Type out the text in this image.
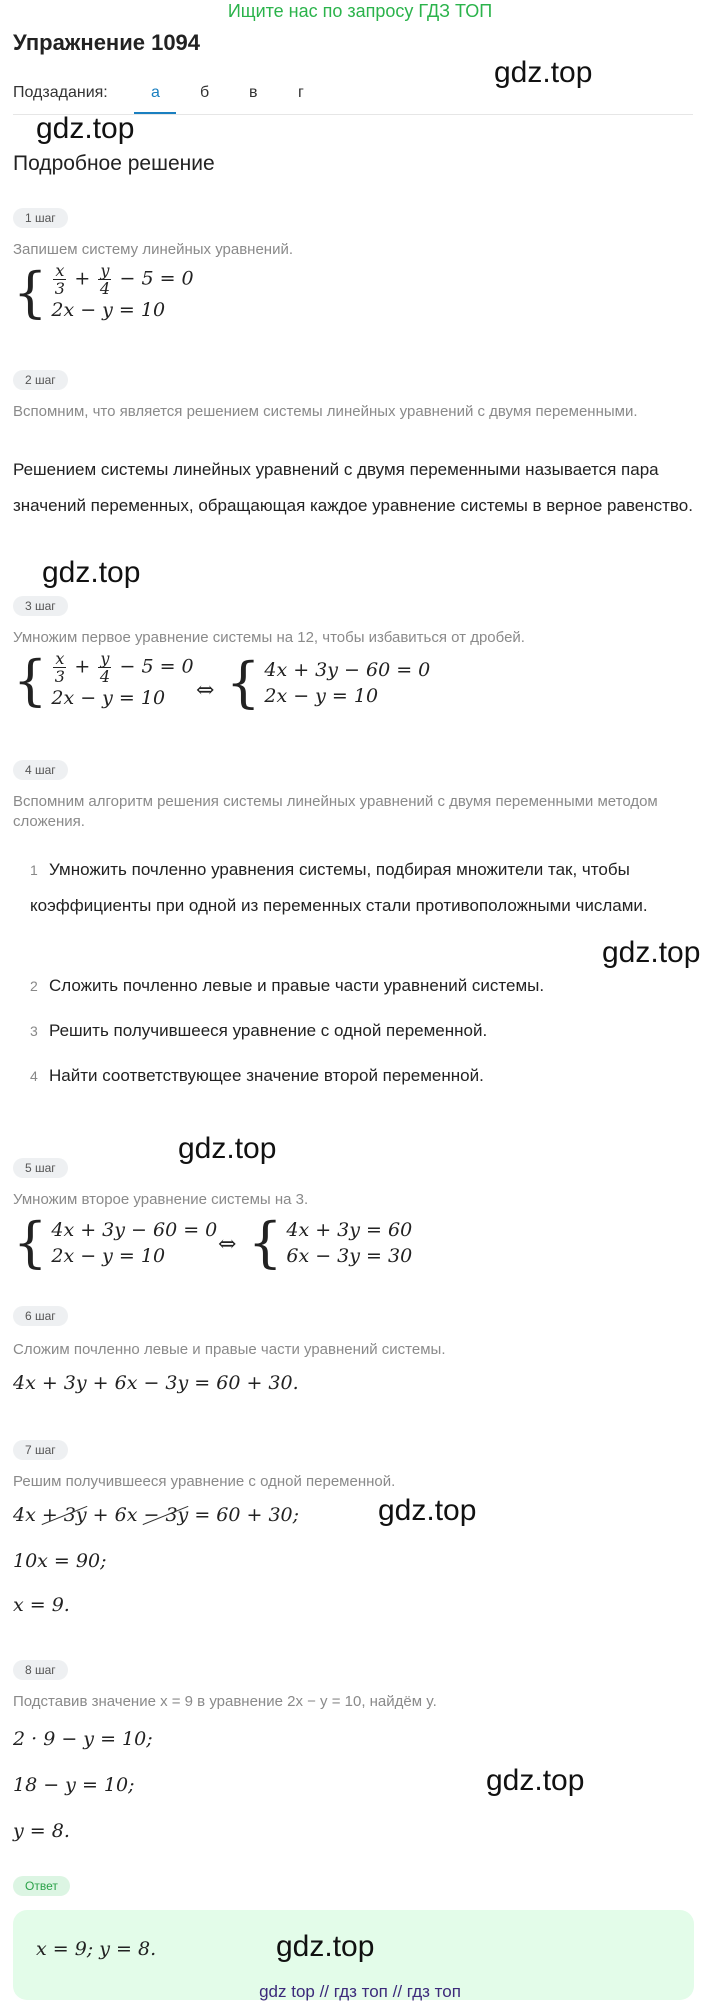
Ищите нас по запросу ГДЗ ТОП
Упражнение 1094
gdz.top
Подзадания:	а	б в	г
gdz.top
Подробное решение
1 шаг
Запишем систему линейных уравнений.
{ $\frac{x}{3} + \frac{y}{4} - 5 = 0$
2x − y = 10
2 шаг
Вспомним, что является решением системы линейных уравнений с двумя переменными.
Решением системы линейных уравнений с двумя переменными называется пара значений переменных, обращающая каждое уравнение системы в верное равенство.
gdz.top
3 шаг
Умножим первое уравнение системы на 12, чтобы избавиться от дробей.
{ $\frac{x}{3} + \frac{y}{4} - 5 = 0$
2x − y = 10	⇔ { 4x + 3y − 60 = 0
2x − y = 10
4 шаг
Вспомним алгоритм решения системы линейных уравнений с двумя переменными методом сложения.
1 Умножить почленно уравнения системы, подбирая множители так, чтобы коэффициенты при одной из переменных стали противоположными числами.
2 Сложить почленно левые и правые части уравнений системы.
3 Решить получившееся уравнение с одной переменной.
4 Найти соответствующее значение второй переменной.
gdz.top
gdz.top
5 шаг
Умножим второе уравнение системы на 3.
{ 4x + 3y − 60 = 0
2x − y = 10	⇔ { 4x + 3y = 60
6x − 3y = 30
6 шаг
Сложим почленно левые и правые части уравнений системы.
4x + 3y + 6x − 3y = 60 + 30.
7 шаг
Решим получившееся уравнение с одной переменной.
4x + 3y + 6x − 3y = 60 + 30;	gdz.top
10x = 90;
x = 9.
8 шаг
Подставив значение x = 9 в уравнение 2x − y = 10, найдём y.
2 · 9 − y = 10;
18 − y = 10;
y = 8.
gdz.top
Ответ
x = 9; y = 8.	gdz.top
gdz top // гдз топ // гдз топ
